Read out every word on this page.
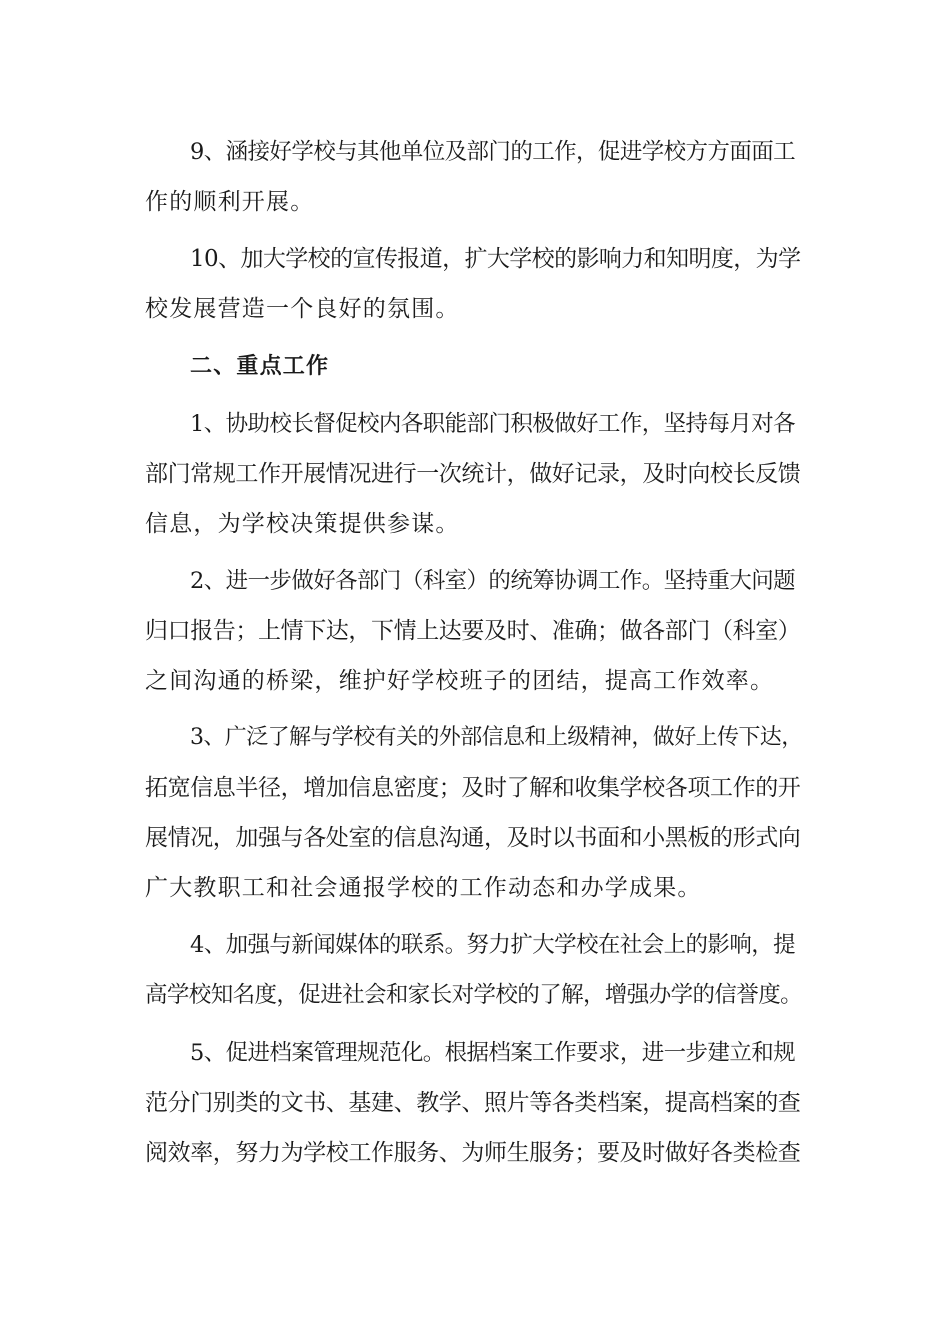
9、涵接好学校与其他单位及部门的工作，促进学校方方面面工
作的顺利开展。
10、加大学校的宣传报道，扩大学校的影响力和知明度，为学
校发展营造一个良好的氛围。
二、重点工作
1、协助校长督促校内各职能部门积极做好工作，坚持每月对各
部门常规工作开展情况进行一次统计，做好记录，及时向校长反馈
信息，为学校决策提供参谋。
2、进一步做好各部门（科室）的统筹协调工作。坚持重大问题
归口报告；上情下达，下情上达要及时、准确；做各部门（科室）
之间沟通的桥梁，维护好学校班子的团结，提高工作效率。
3、广泛了解与学校有关的外部信息和上级精神，做好上传下达，
拓宽信息半径，增加信息密度；及时了解和收集学校各项工作的开
展情况，加强与各处室的信息沟通，及时以书面和小黑板的形式向
广大教职工和社会通报学校的工作动态和办学成果。
4、加强与新闻媒体的联系。努力扩大学校在社会上的影响，提
高学校知名度，促进社会和家长对学校的了解，增强办学的信誉度。
5、促进档案管理规范化。根据档案工作要求，进一步建立和规
范分门别类的文书、基建、教学、照片等各类档案，提高档案的查
阅效率，努力为学校工作服务、为师生服务；要及时做好各类检查
